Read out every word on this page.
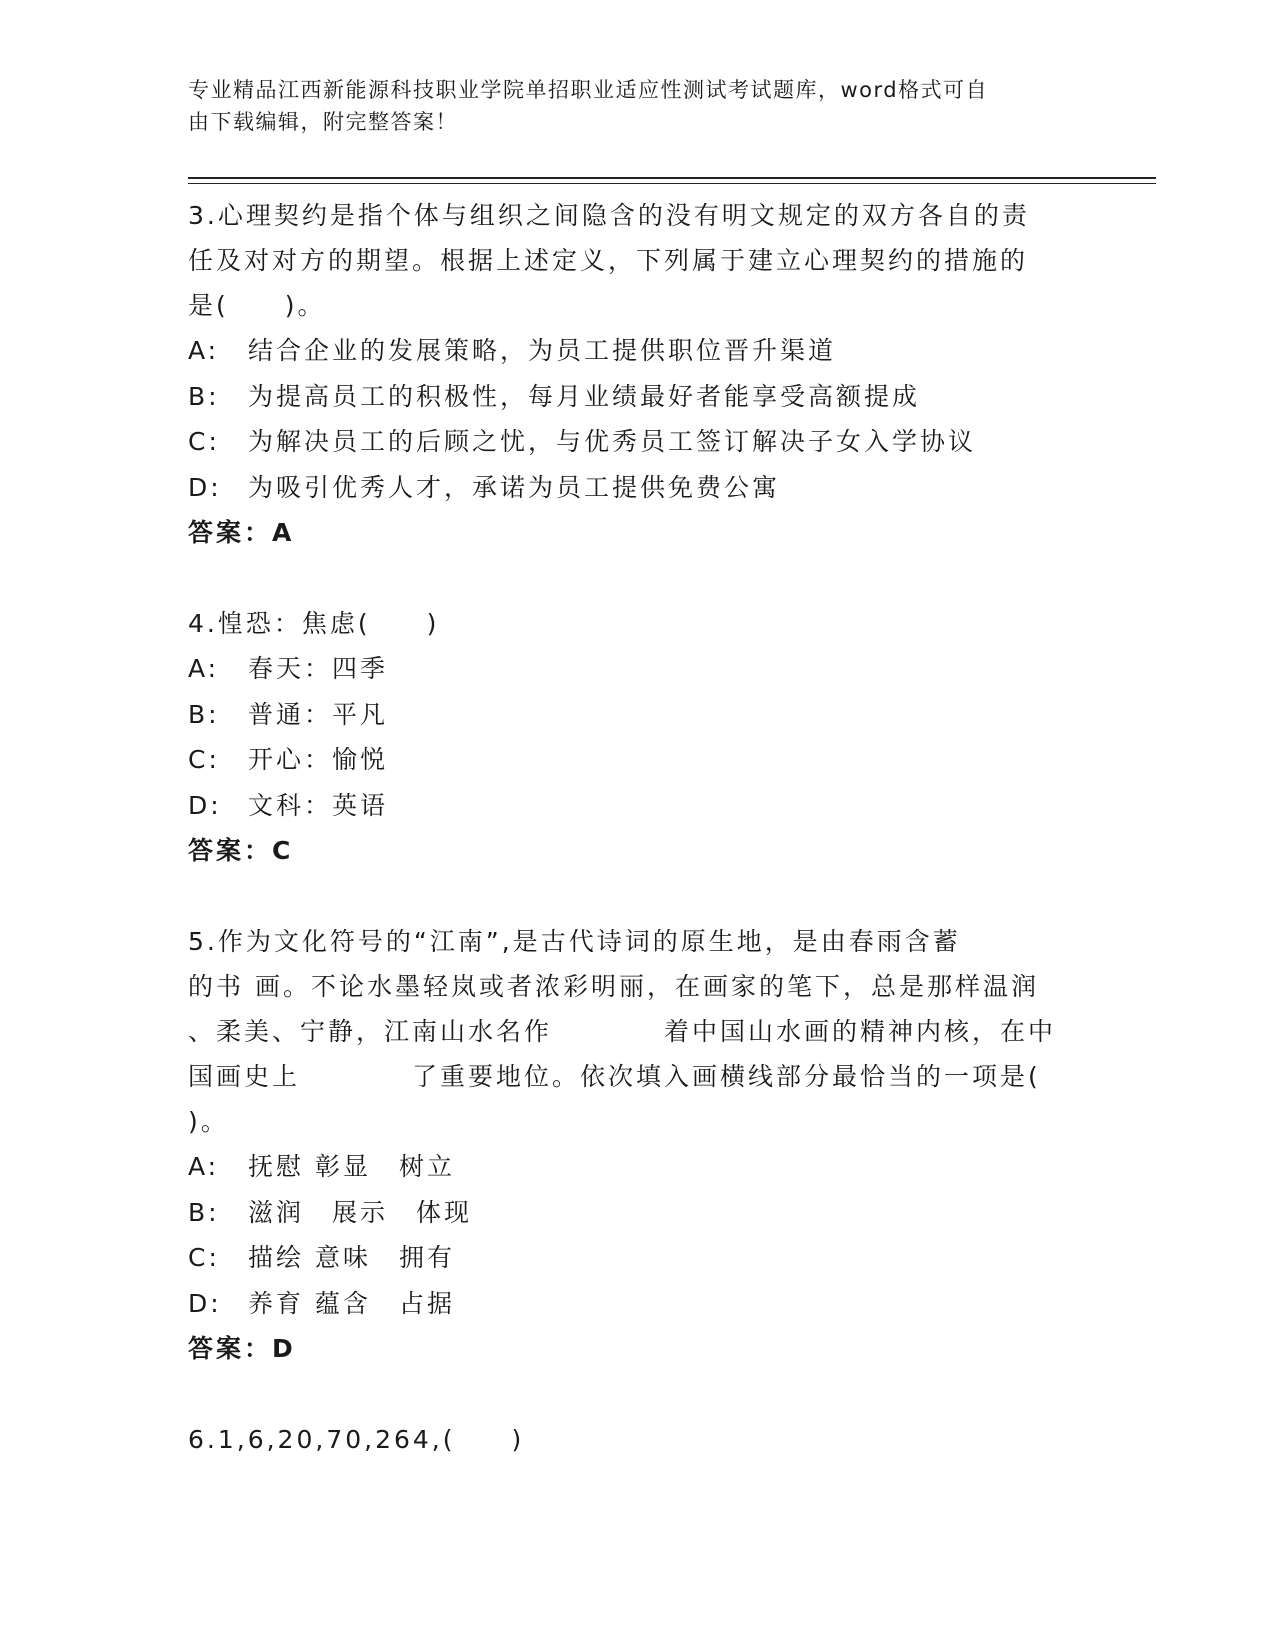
专业精品江西新能源科技职业学院单招职业适应性测试考试题库，word格式可自
由下载编辑，附完整答案！
3.心理契约是指个体与组织之间隐含的没有明文规定的双方各自的责
任及对对方的期望。根据上述定义，下列属于建立心理契约的措施的
是(　　)。
A: 结合企业的发展策略，为员工提供职位晋升渠道
B: 为提高员工的积极性，每月业绩最好者能享受高额提成
C: 为解决员工的后顾之忧，与优秀员工签订解决子女入学协议
D: 为吸引优秀人才，承诺为员工提供免费公寓
答案：A
4.惶恐：焦虑(　　)
A: 春天：四季
B: 普通：平凡
C: 开心：愉悦
D: 文科：英语
答案：C
5.作为文化符号的“江南”,是古代诗词的原生地，是由春雨含蓄
的书 画。不论水墨轻岚或者浓彩明丽，在画家的笔下，总是那样温润
、柔美、宁静，江南山水名作　　　　着中国山水画的精神内核，在中
国画史上　　　　了重要地位。依次填入画横线部分最恰当的一项是(
)。
A: 抚慰 彰显　树立
B: 滋润　展示　体现
C: 描绘 意味　拥有
D: 养育 蕴含　占据
答案：D
6.1,6,20,70,264,(　　)
